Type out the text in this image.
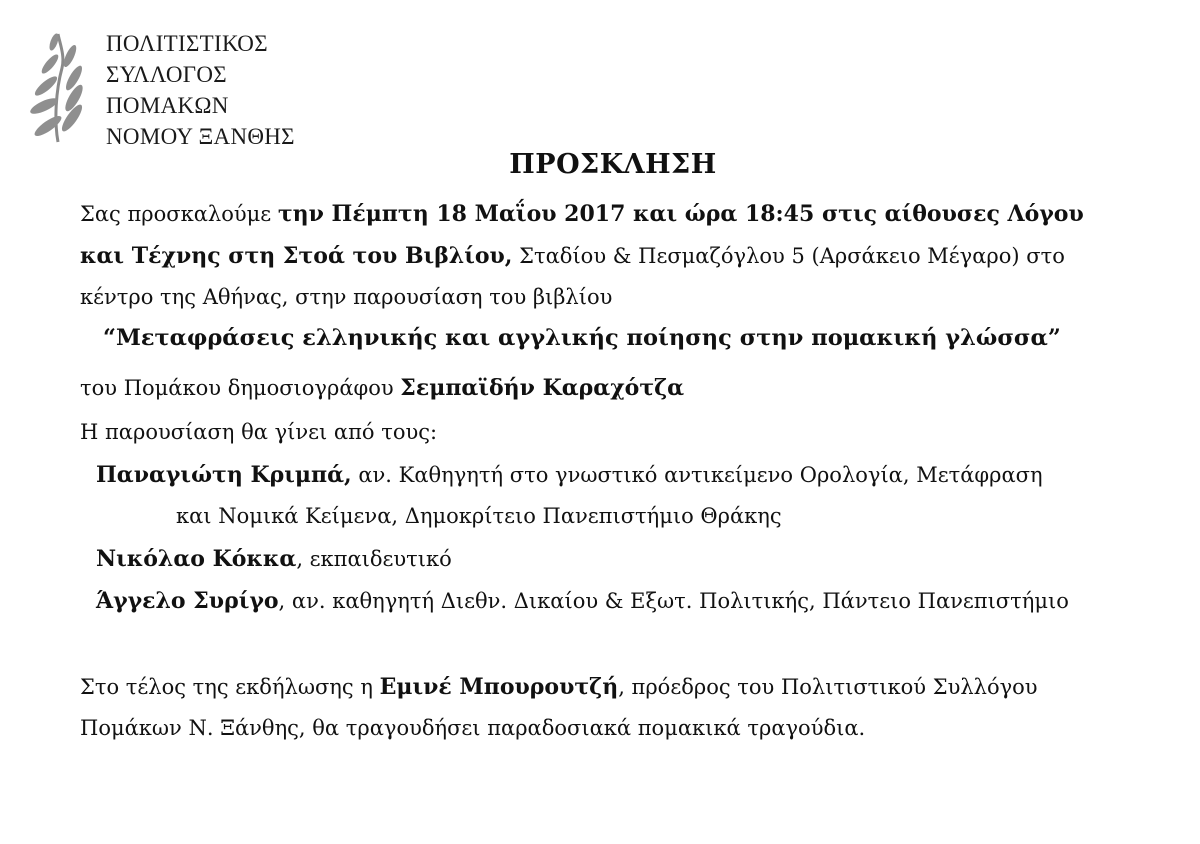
ΠΟΛΙΤΙΣΤΙΚΟΣ
ΣΥΛΛΟΓΟΣ
ΠΟΜΑΚΩΝ
ΝΟΜΟΥ ΞΑΝΘΗΣ
ΠΡΟΣΚΛΗΣΗ
Σας προσκαλούμε την Πέμπτη 18 Μαΐου 2017 και ώρα 18:45 στις αίθουσες Λόγου
και Τέχνης στη Στοά του Βιβλίου, Σταδίου & Πεσμαζόγλου 5 (Αρσάκειο Μέγαρο) στο
κέντρο της Αθήνας, στην παρουσίαση του βιβλίου
“Μεταφράσεις ελληνικής και αγγλικής ποίησης στην πομακική γλώσσα”
του Πομάκου δημοσιογράφου Σεμπαϊδήν Καραχότζα
Η παρουσίαση θα γίνει από τους:
Παναγιώτη Κριμπά, αν. Καθηγητή στο γνωστικό αντικείμενο Ορολογία, Μετάφραση
και Νομικά Κείμενα, Δημοκρίτειο Πανεπιστήμιο Θράκης
Νικόλαο Κόκκα, εκπαιδευτικό
Άγγελο Συρίγο, αν. καθηγητή Διεθν. Δικαίου & Εξωτ. Πολιτικής, Πάντειο Πανεπιστήμιο
Στο τέλος της εκδήλωσης η Εμινέ Μπουρουτζή, πρόεδρος του Πολιτιστικού Συλλόγου
Πομάκων Ν. Ξάνθης, θα τραγουδήσει παραδοσιακά πομακικά τραγούδια.
